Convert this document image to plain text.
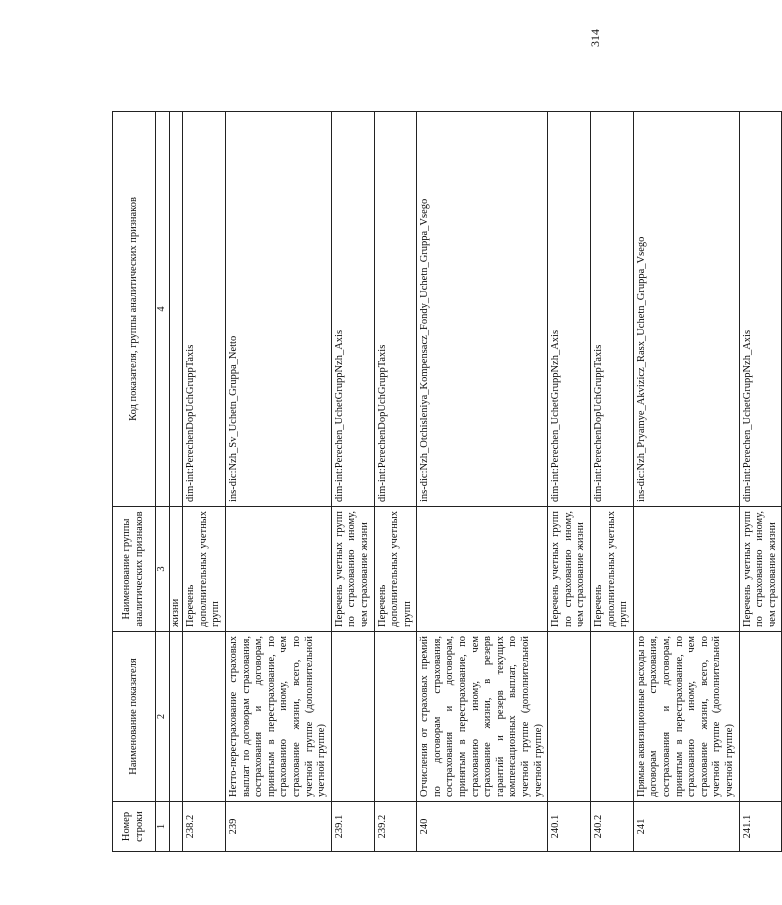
314
Номер строки	Наименование показателя	Наименование группы аналитических признаков	Код показателя, группы аналитических признаков
1	2	3	4
		жизни	
238.2		Перечень дополнительных учетных групп	dim-int:PerechenDopUchGruppTaxis
239	Нетто-перестрахование страховых выплат по договорам страхования, сострахования и договорам, принятым в перестрахование, по страхованию иному, чем страхование жизни, всего, по учетной группе (дополнительной учетной группе)		ins-dic:Nzh_Sv_Uchetn_Gruppa_Netto
239.1		Перечень учетных групп по страхованию иному, чем страхование жизни	dim-int:Perechen_UchetGruppNzh_Axis
239.2		Перечень дополнительных учетных групп	dim-int:PerechenDopUchGruppTaxis
240	Отчисления от страховых премий по договорам страхования, сострахования и договорам, принятым в перестрахование, по страхованию иному, чем страхование жизни, в резерв гарантий и резерв текущих компенсационных выплат, по учетной группе (дополнительной учетной группе)		ins-dic:Nzh_Otchisleniya_Kompensacz_Fondy_Uchetn_Gruppa_Vsego
240.1		Перечень учетных групп по страхованию иному, чем страхование жизни	dim-int:Perechen_UchetGruppNzh_Axis
240.2		Перечень дополнительных учетных групп	dim-int:PerechenDopUchGruppTaxis
241	Прямые аквизиционные расходы по договорам страхования, сострахования и договорам, принятым в перестрахование, по страхованию иному, чем страхование жизни, всего, по учетной группе (дополнительной учетной группе)		ins-dic:Nzh_Pryamye_Akvizicz_Rasx_Uchetn_Gruppa_Vsego
241.1		Перечень учетных групп по страхованию иному, чем страхование жизни	dim-int:Perechen_UchetGruppNzh_Axis
